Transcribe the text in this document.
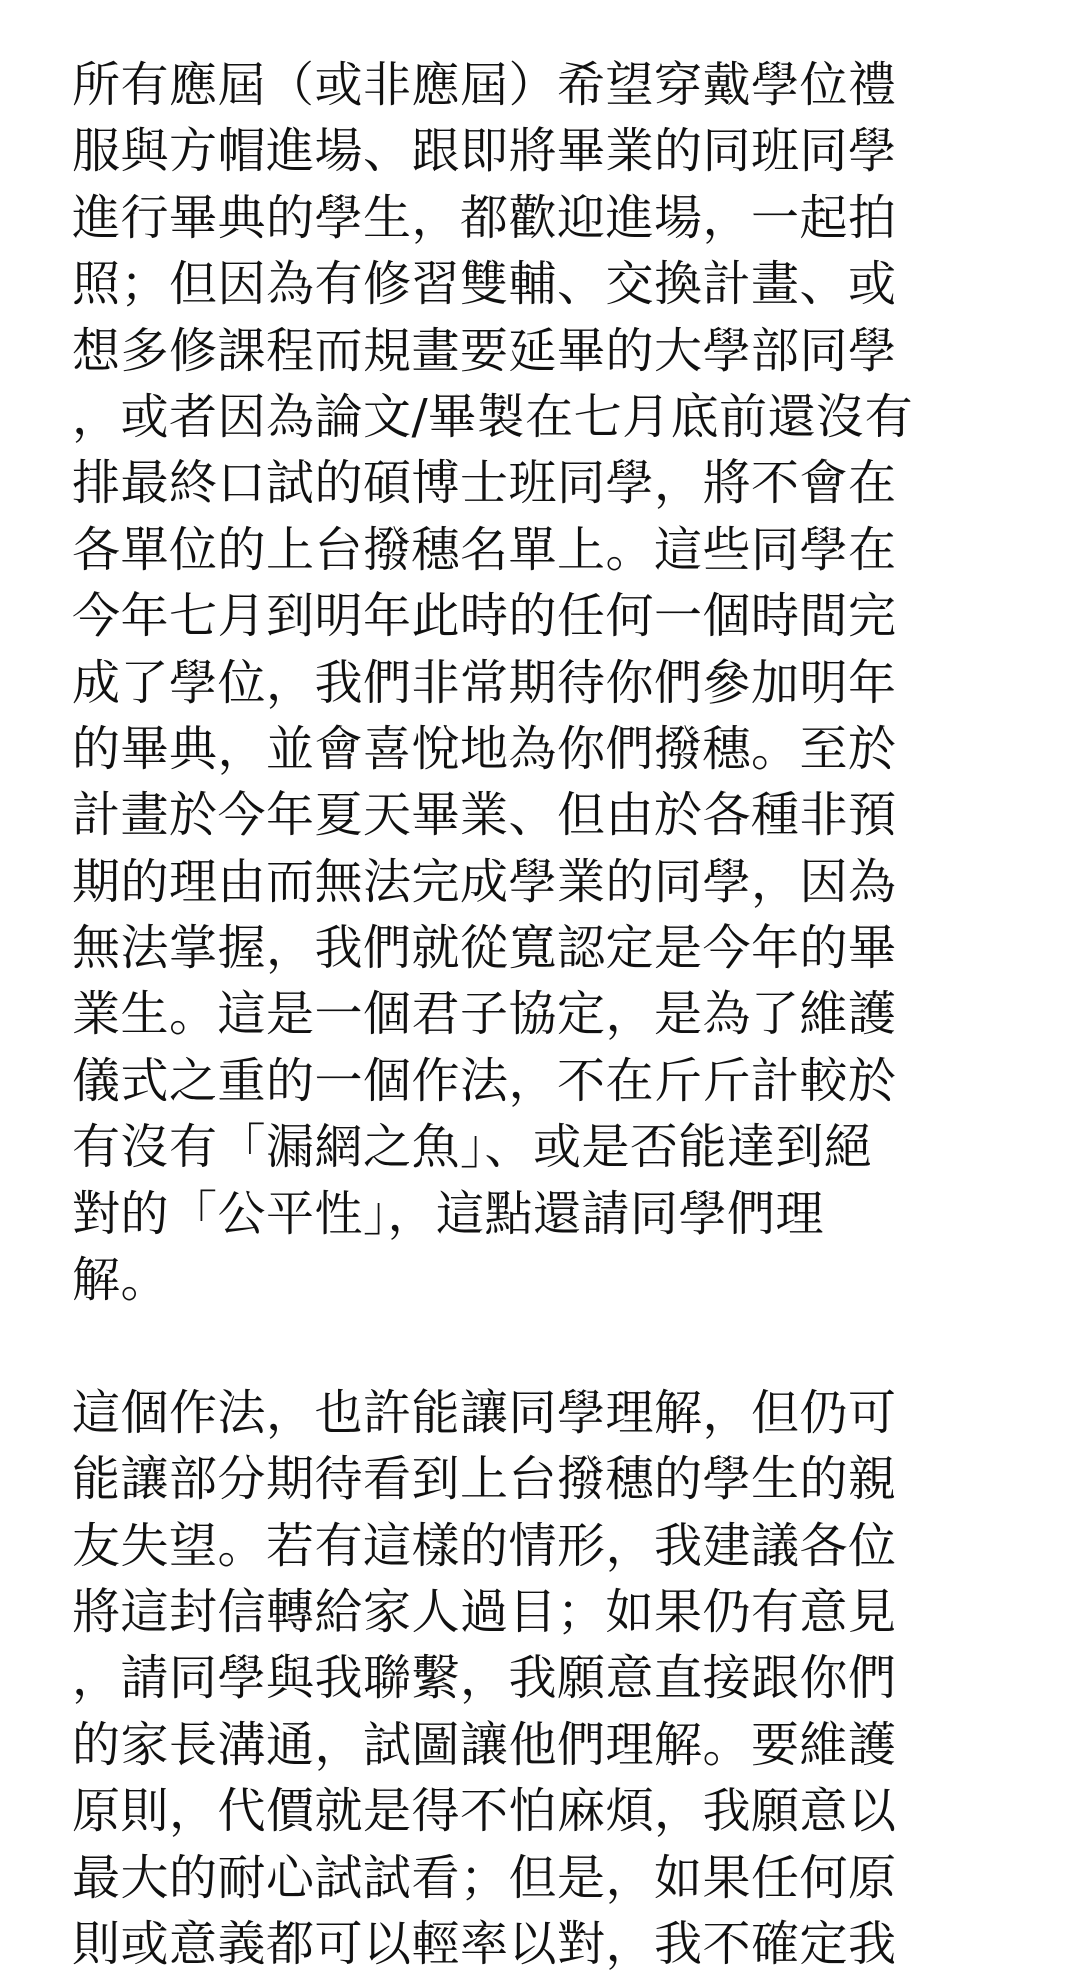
所有應屆（或非應屆）希望穿戴學位禮
服與方帽進場、跟即將畢業的同班同學
進行畢典的學生，都歡迎進場，一起拍
照；但因為有修習雙輔、交換計畫、或
想多修課程而規畫要延畢的大學部同學
，或者因為論文/畢製在七月底前還沒有
排最終口試的碩博士班同學，將不會在
各單位的上台撥穗名單上。這些同學在
今年七月到明年此時的任何一個時間完
成了學位，我們非常期待你們參加明年
的畢典，並會喜悅地為你們撥穗。至於
計畫於今年夏天畢業、但由於各種非預
期的理由而無法完成學業的同學，因為
無法掌握，我們就從寬認定是今年的畢
業生。這是一個君子協定，是為了維護
儀式之重的一個作法，不在斤斤計較於
有沒有「漏網之魚」、或是否能達到絕
對的「公平性」，這點還請同學們理
解。
這個作法，也許能讓同學理解，但仍可
能讓部分期待看到上台撥穗的學生的親
友失望。若有這樣的情形，我建議各位
將這封信轉給家人過目；如果仍有意見
，請同學與我聯繫，我願意直接跟你們
的家長溝通，試圖讓他們理解。要維護
原則，代價就是得不怕麻煩，我願意以
最大的耐心試試看；但是，如果任何原
則或意義都可以輕率以對，我不確定我
